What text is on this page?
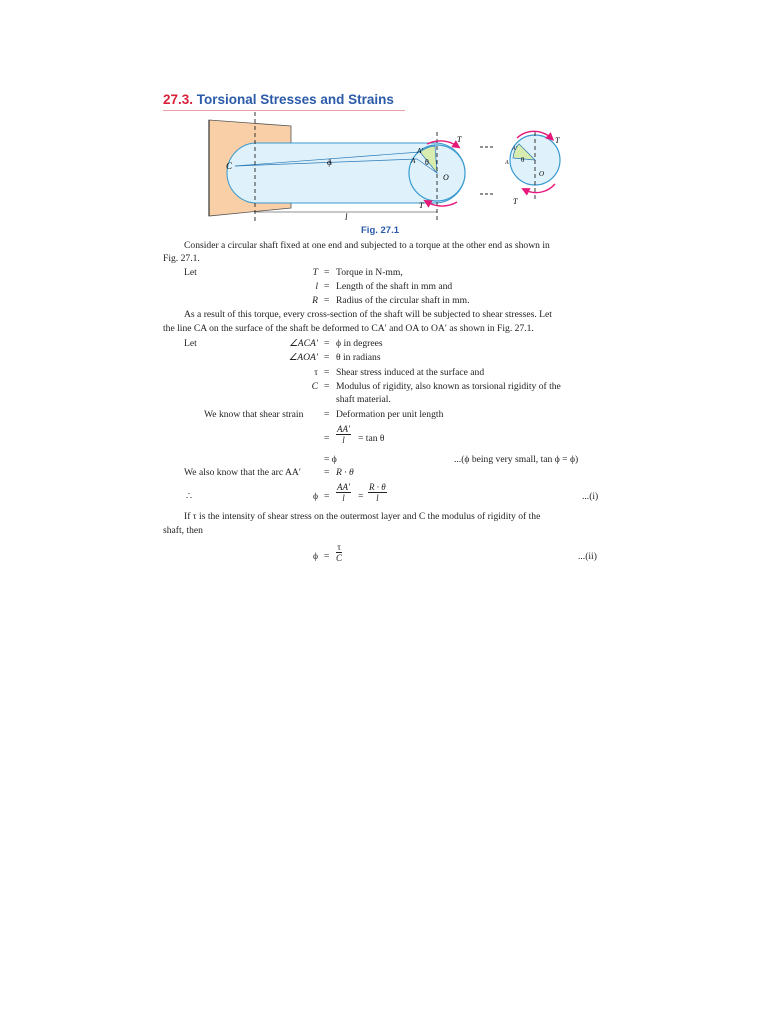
27.3. Torsional Stresses and Strains
C	ϕ	θ
A
A′
O
T
T
l
T
T
θ
A
A′
O
Fig. 27.1
Consider a circular shaft fixed at one end and subjected to a torque at the other end as shown in
Fig. 27.1.
Let	T = Torque in N-mm,
l = Length of the shaft in mm and
R = Radius of the circular shaft in mm.
As a result of this torque, every cross-section of the shaft will be subjected to shear stresses. Let
the line CA on the surface of the shaft be deformed to CA′ and OA to OA′ as shown in Fig. 27.1.
Let	∠ACA′ = ϕ in degrees
∠AOA′ = θ in radians
τ = Shear stress induced at the surface and
C = Modulus of rigidity, also known as torsional rigidity of the
shaft material.
We know that shear strain = Deformation per unit length
= $\frac{AA'}{l} = \tan \theta$
= ϕ	...(ϕ being very small, tan ϕ = ϕ)
We also know that the arc AA′ = R · θ
∴	$\phi = \frac{AA'}{l} = \frac{R \cdot \theta}{l}$	...(i)
If τ is the intensity of shear stress on the outermost layer and C the modulus of rigidity of the
shaft, then
$\phi = \frac{\tau}{C}$	...(ii)
